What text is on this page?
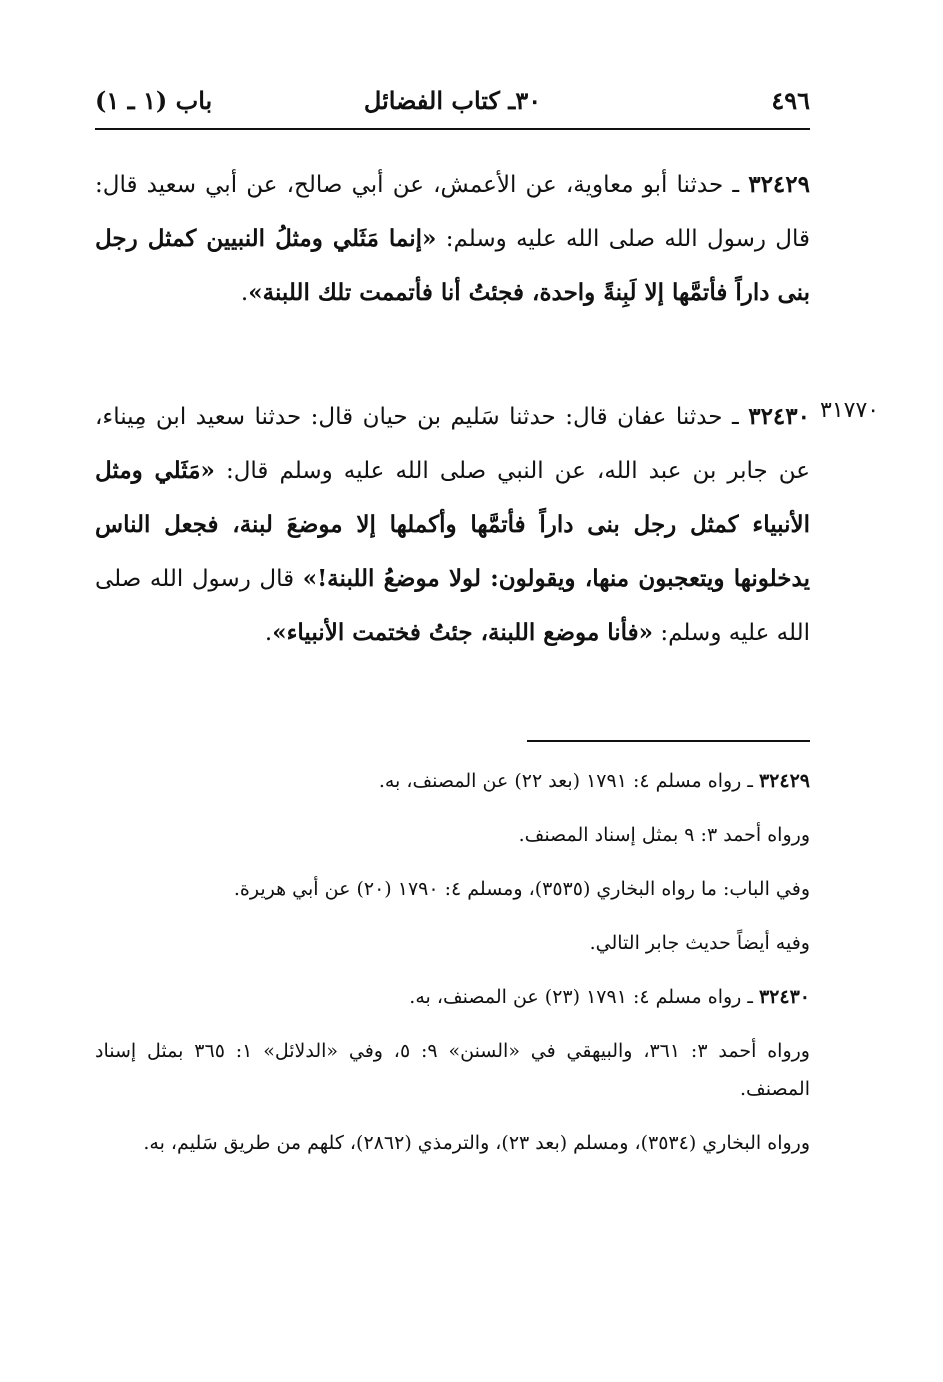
٤٩٦
٣٠ـ كتاب الفضائل
باب (١ ـ ١)
٣٢٤٢٩ ـ حدثنا أبو معاوية، عن الأعمش، عن أبي صالح، عن أبي سعيد قال: قال رسول الله صلى الله عليه وسلم: «إنما مَثَلي ومثلُ النبيين كمثل رجل بنى داراً فأتمَّها إلا لَبِنةً واحدة، فجئتُ أنا فأتممت تلك اللبنة».
٣١٧٧٠
٣٢٤٣٠ ـ حدثنا عفان قال: حدثنا سَليم بن حيان قال: حدثنا سعيد ابن مِيناء، عن جابر بن عبد الله، عن النبي صلى الله عليه وسلم قال: «مَثَلي ومثل الأنبياء كمثل رجل بنى داراً فأتمَّها وأكملها إلا موضعَ لبنة، فجعل الناس يدخلونها ويتعجبون منها، ويقولون: لولا موضعُ اللبنة!» قال رسول الله صلى الله عليه وسلم: «فأنا موضع اللبنة، جئتُ فختمت الأنبياء».

٣٢٤٢٩ ـ رواه مسلم ٤: ١٧٩١ (بعد ٢٢) عن المصنف، به.

ورواه أحمد ٣: ٩ بمثل إسناد المصنف.

وفي الباب: ما رواه البخاري (٣٥٣٥)، ومسلم ٤: ١٧٩٠ (٢٠) عن أبي هريرة.

وفيه أيضاً حديث جابر التالي.

٣٢٤٣٠ ـ رواه مسلم ٤: ١٧٩١ (٢٣) عن المصنف، به.

ورواه أحمد ٣: ٣٦١، والبيهقي في «السنن» ٩: ٥، وفي «الدلائل» ١: ٣٦٥ بمثل إسناد المصنف.

ورواه البخاري (٣٥٣٤)، ومسلم (بعد ٢٣)، والترمذي (٢٨٦٢)، كلهم من طريق سَليم، به.
